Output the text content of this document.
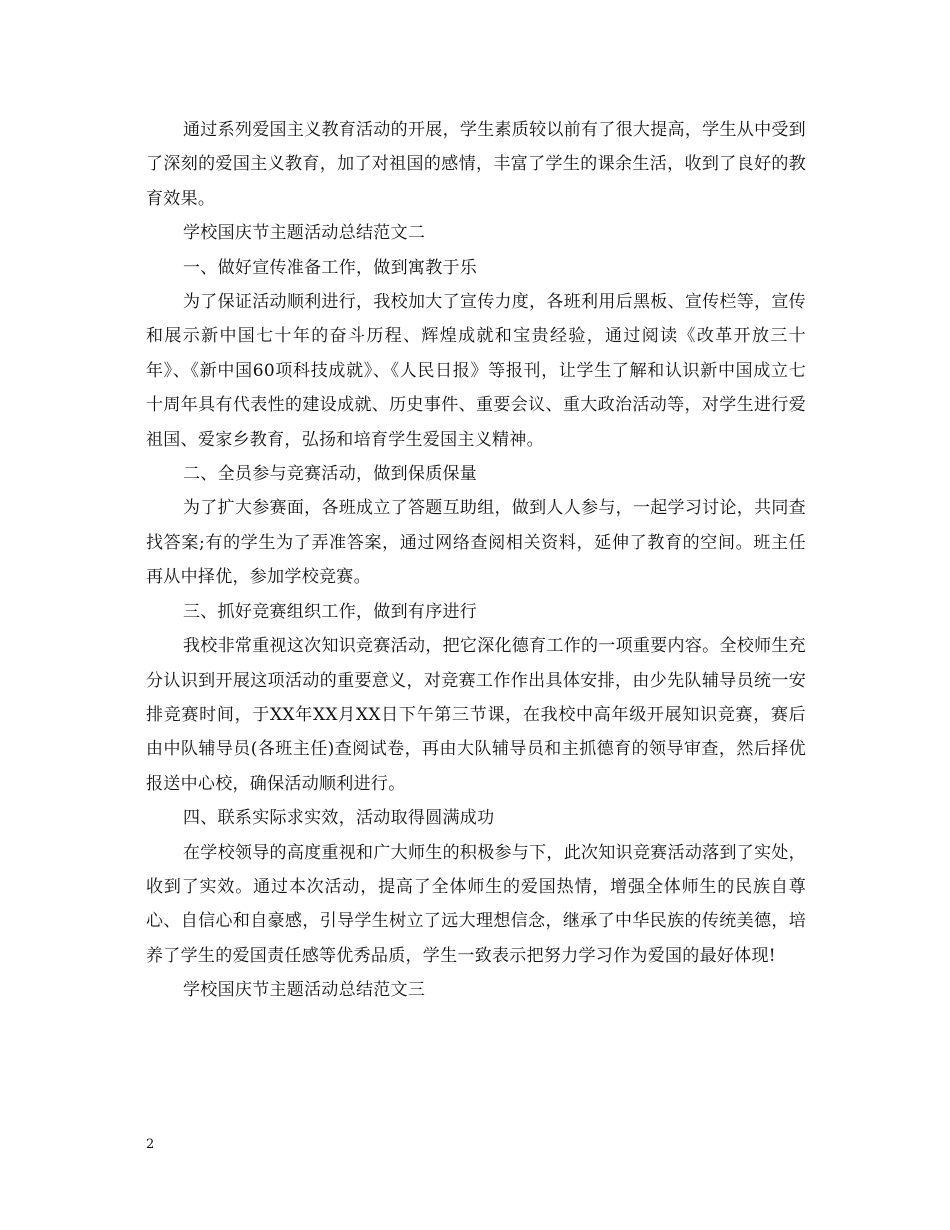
通过系列爱国主义教育活动的开展，学生素质较以前有了很大提高，学生从中受到了深刻的爱国主义教育，加了对祖国的感情，丰富了学生的课余生活，收到了良好的教育效果。

学校国庆节主题活动总结范文二

一、做好宣传准备工作，做到寓教于乐

为了保证活动顺利进行，我校加大了宣传力度，各班利用后黑板、宣传栏等，宣传和展示新中国七十年的奋斗历程、辉煌成就和宝贵经验，通过阅读《改革开放三十年》、《新中国60项科技成就》、《人民日报》等报刊，让学生了解和认识新中国成立七十周年具有代表性的建设成就、历史事件、重要会议、重大政治活动等，对学生进行爱祖国、爱家乡教育，弘扬和培育学生爱国主义精神。

二、全员参与竞赛活动，做到保质保量

为了扩大参赛面，各班成立了答题互助组，做到人人参与，一起学习讨论，共同查找答案;有的学生为了弄准答案，通过网络查阅相关资料，延伸了教育的空间。班主任再从中择优，参加学校竞赛。

三、抓好竞赛组织工作，做到有序进行

我校非常重视这次知识竞赛活动，把它深化德育工作的一项重要内容。全校师生充分认识到开展这项活动的重要意义，对竞赛工作作出具体安排，由少先队辅导员统一安排竞赛时间，于XX年XX月XX日下午第三节课，在我校中高年级开展知识竞赛，赛后由中队辅导员(各班主任)查阅试卷，再由大队辅导员和主抓德育的领导审查，然后择优报送中心校，确保活动顺利进行。

四、联系实际求实效，活动取得圆满成功

在学校领导的高度重视和广大师生的积极参与下，此次知识竞赛活动落到了实处，收到了实效。通过本次活动，提高了全体师生的爱国热情，增强全体师生的民族自尊心、自信心和自豪感，引导学生树立了远大理想信念，继承了中华民族的传统美德，培养了学生的爱国责任感等优秀品质，学生一致表示把努力学习作为爱国的最好体现!

学校国庆节主题活动总结范文三

2
